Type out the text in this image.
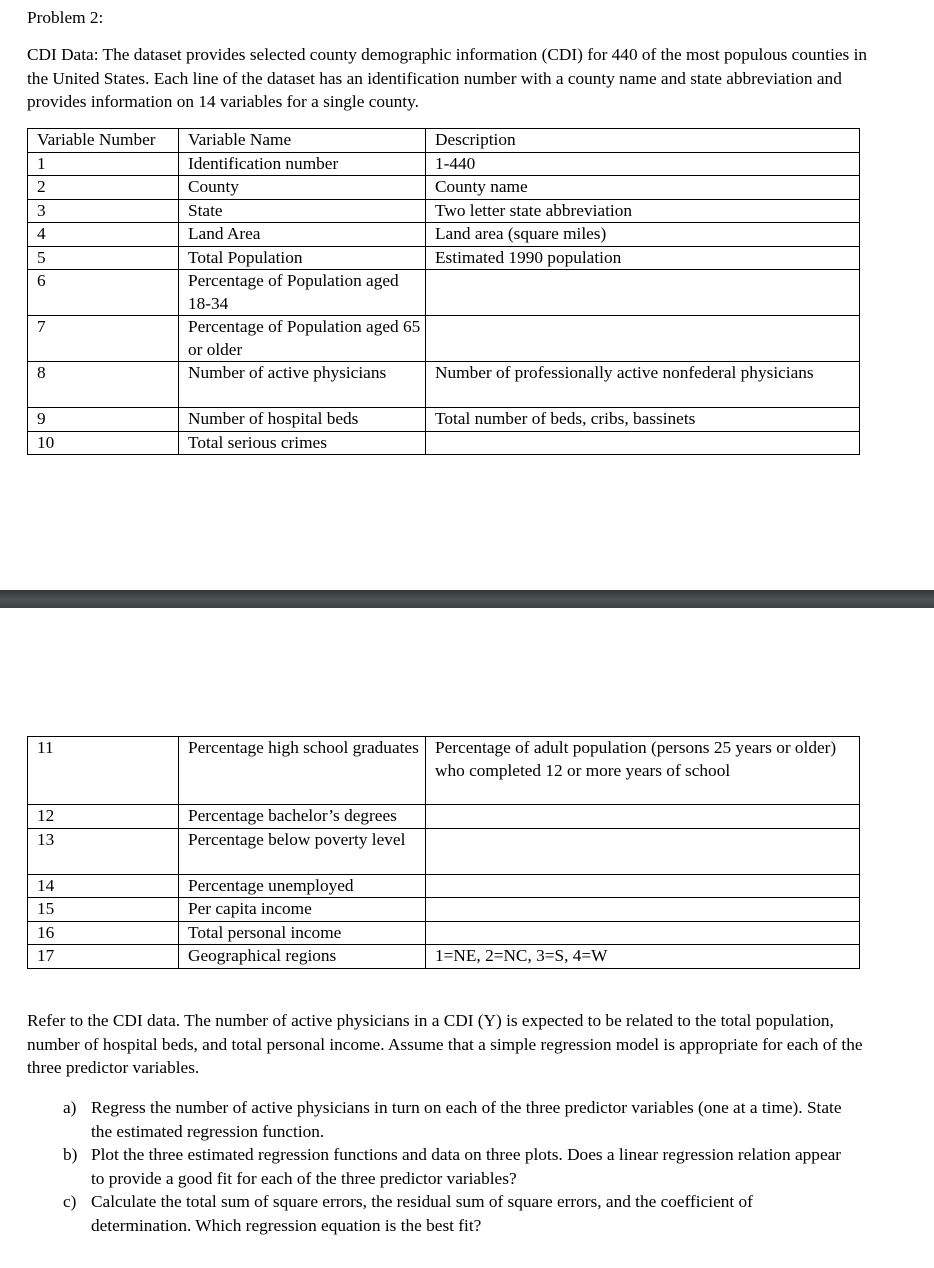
Problem 2:

CDI Data: The dataset provides selected county demographic information (CDI) for 440 of the most populous counties in the United States. Each line of the dataset has an identification number with a county name and state abbreviation and provides information on 14 variables for a single county.

Variable Number	Variable Name	Description
1	Identification number	1-440
2	County	County name
3	State	Two letter state abbreviation
4	Land Area	Land area (square miles)
5	Total Population	Estimated 1990 population
6	Percentage of Population aged 18-34	
7	Percentage of Population aged 65 or older	
8	Number of active physicians	Number of professionally active nonfederal physicians
9	Number of hospital beds	Total number of beds, cribs, bassinets
10	Total serious crimes	
11	Percentage high school graduates	Percentage of adult population (persons 25 years or older) who completed 12 or more years of school
12	Percentage bachelor’s degrees	
13	Percentage below poverty level	
14	Percentage unemployed	
15	Per capita income	
16	Total personal income	
17	Geographical regions	1=NE, 2=NC, 3=S, 4=W

Refer to the CDI data. The number of active physicians in a CDI (Y) is expected to be related to the total population, number of hospital beds, and total personal income. Assume that a simple regression model is appropriate for each of the three predictor variables.

a) Regress the number of active physicians in turn on each of the three predictor variables (one at a time). State the estimated regression function.
b) Plot the three estimated regression functions and data on three plots. Does a linear regression relation appear to provide a good fit for each of the three predictor variables?
c) Calculate the total sum of square errors, the residual sum of square errors, and the coefficient of determination. Which regression equation is the best fit?
